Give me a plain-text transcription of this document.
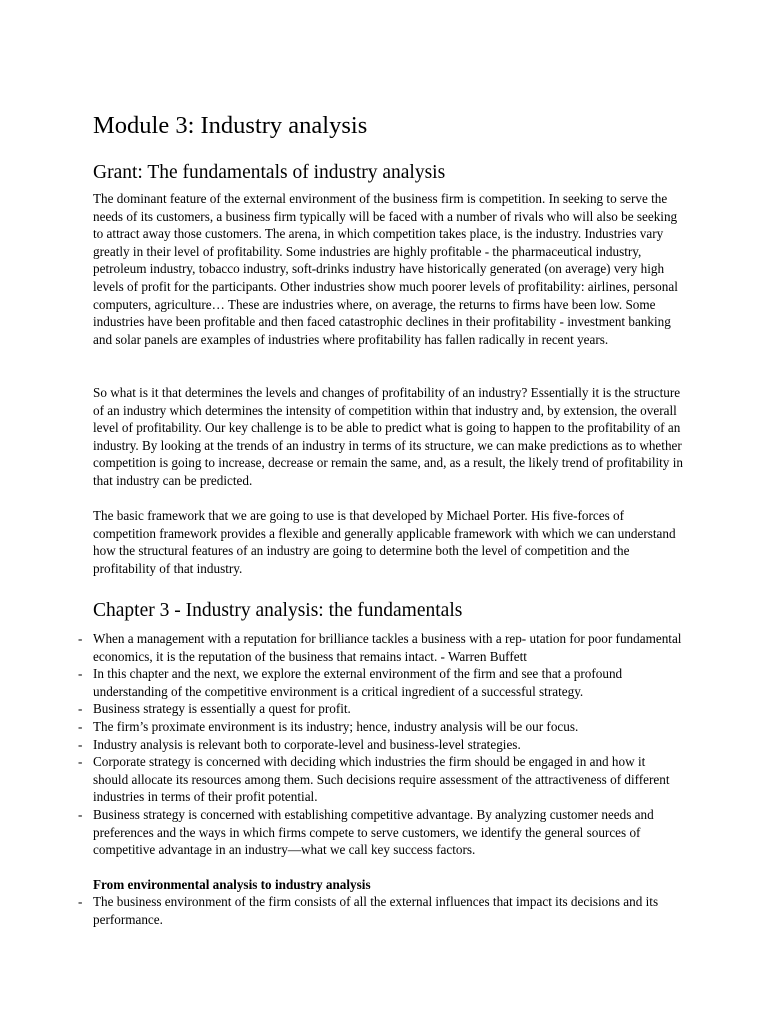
Module 3: Industry analysis
Grant: The fundamentals of industry analysis

The dominant feature of the external environment of the business firm is competition. In seeking to serve the needs of its customers, a business firm typically will be faced with a number of rivals who will also be seeking to attract away those customers. The arena, in which competition takes place, is the industry. Industries vary greatly in their level of profitability. Some industries are highly profitable - the pharmaceutical industry, petroleum industry, tobacco industry, soft-drinks industry have historically generated (on average) very high levels of profit for the participants. Other industries show much poorer levels of profitability: airlines, personal computers, agriculture… These are industries where, on average, the returns to firms have been low. Some industries have been profitable and then faced catastrophic declines in their profitability - investment banking and solar panels are examples of industries where profitability has fallen radically in recent years.

So what is it that determines the levels and changes of profitability of an industry? Essentially it is the structure of an industry which determines the intensity of competition within that industry and, by extension, the overall level of profitability. Our key challenge is to be able to predict what is going to happen to the profitability of an industry. By looking at the trends of an industry in terms of its structure, we can make predictions as to whether competition is going to increase, decrease or remain the same, and, as a result, the likely trend of profitability in that industry can be predicted.

The basic framework that we are going to use is that developed by Michael Porter. His five-forces of competition framework provides a flexible and generally applicable framework with which we can understand how the structural features of an industry are going to determine both the level of competition and the profitability of that industry.

Chapter 3 - Industry analysis: the fundamentals
- When a management with a reputation for brilliance tackles a business with a rep- utation for poor fundamental economics, it is the reputation of the business that remains intact. - Warren Buffett
- In this chapter and the next, we explore the external environment of the firm and see that a profound understanding of the competitive environment is a critical ingredient of a successful strategy.
- Business strategy is essentially a quest for profit.
- The firm’s proximate environment is its industry; hence, industry analysis will be our focus.
- Industry analysis is relevant both to corporate-level and business-level strategies.
- Corporate strategy is concerned with deciding which industries the firm should be engaged in and how it should allocate its resources among them. Such decisions require assessment of the attractiveness of different industries in terms of their profit potential.
- Business strategy is concerned with establishing competitive advantage. By analyzing customer needs and preferences and the ways in which firms compete to serve customers, we identify the general sources of competitive advantage in an industry—what we call key success factors.
From environmental analysis to industry analysis
- The business environment of the firm consists of all the external influences that impact its decisions and its performance.
